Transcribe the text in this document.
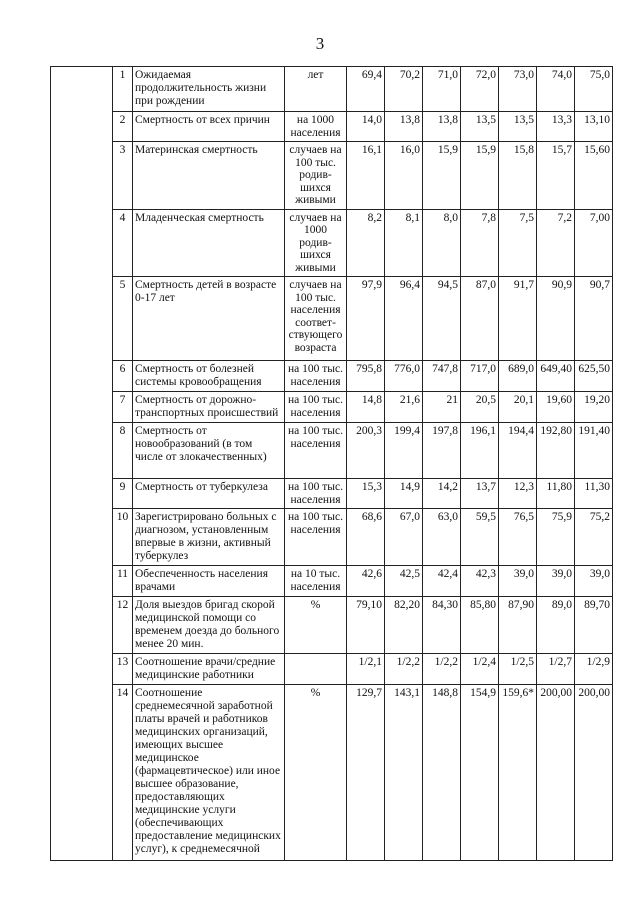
3
	1	Ожидаемая продолжительность жизни при рождении	лет	69,4	70,2	71,0	72,0	73,0	74,0	75,0
	2	Смертность от всех причин	на 1000 населения	14,0	13,8	13,8	13,5	13,5	13,3	13,10
	3	Материнская смертность	случаев на 100 тыс. родив-шихся живыми	16,1	16,0	15,9	15,9	15,8	15,7	15,60
	4	Младенческая смертность	случаев на 1000 родив-шихся живыми	8,2	8,1	8,0	7,8	7,5	7,2	7,00
	5	Смертность детей в возрасте 0-17 лет	случаев на 100 тыс. населения соответ-ствующего возраста	97,9	96,4	94,5	87,0	91,7	90,9	90,7
	6	Смертность от болезней системы кровообращения	на 100 тыс. населения	795,8	776,0	747,8	717,0	689,0	649,40	625,50
	7	Смертность от дорожно-транспортных происшествий	на 100 тыс. населения	14,8	21,6	21	20,5	20,1	19,60	19,20
	8	Смертность от новообразований (в том числе от злокачественных)	на 100 тыс. населения	200,3	199,4	197,8	196,1	194,4	192,80	191,40
	9	Смертность от туберкулеза	на 100 тыс. населения	15,3	14,9	14,2	13,7	12,3	11,80	11,30
	10	Зарегистрировано больных с диагнозом, установленным впервые в жизни, активный туберкулез	на 100 тыс. населения	68,6	67,0	63,0	59,5	76,5	75,9	75,2
	11	Обеспеченность населения врачами	на 10 тыс. населения	42,6	42,5	42,4	42,3	39,0	39,0	39,0
	12	Доля выездов бригад скорой медицинской помощи со временем доезда до больного менее 20 мин.	%	79,10	82,20	84,30	85,80	87,90	89,0	89,70
	13	Соотношение врачи/средние медицинские работники		1/2,1	1/2,2	1/2,2	1/2,4	1/2,5	1/2,7	1/2,9
	14	Соотношение среднемесячной заработной платы врачей и работников медицинских организаций, имеющих высшее медицинское (фармацевтическое) или иное высшее образование, предоставляющих медицинские услуги (обеспечивающих предоставление медицинских услуг), к среднемесячной	%	129,7	143,1	148,8	154,9	159,6*	200,00	200,00
